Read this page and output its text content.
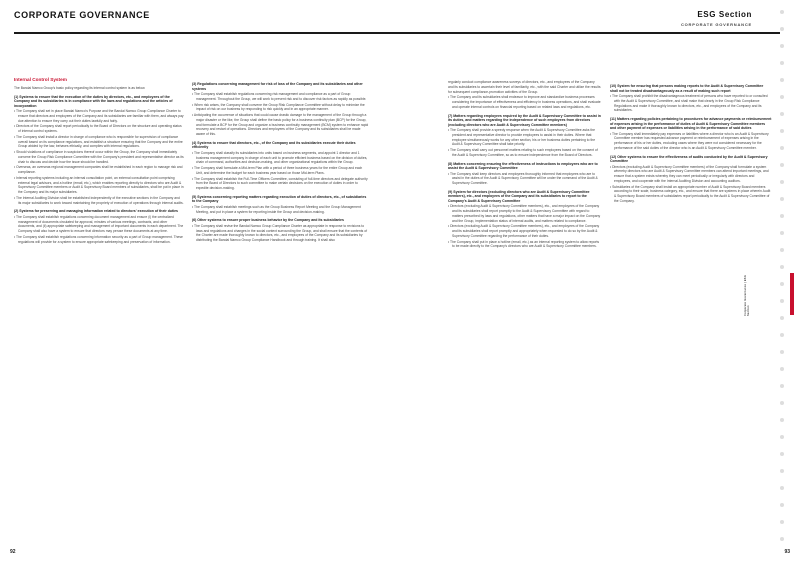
CORPORATE GOVERNANCE	ESG Section
CORPORATE GOVERNANCE
Corporate Governance | ESG Section
Internal Control System

The Bandai Namco Group's basic policy regarding its internal control system is as below.

(1) Systems to ensure that the execution of the duties by directors, etc., and employees of the Company and its subsidiaries is in compliance with the laws and regulations and the articles of incorporation

• The Company shall set in place Bandai Namco's Purpose and the Bandai Namco Group Compliance Charter to ensure that directors and employees of the Company and its subsidiaries are familiar with them, and always pay due attention to ensure they carry out their duties lawfully and fairly.

• Directors of the Company shall report periodically to the Board of Directors on the structure and operating status of internal control systems.

• The Company shall install a director in charge of compliance who is responsible for supervision of compliance overall based on its compliance regulations, and establish a structure ensuring that the Company and the entire Group abided by the law, behaves ethically, and complies with internal regulations.

• Should violations of compliance in suspicions thereof occur within the Group, the Company shall immediately convene the Group Risk Compliance Committee with the Company's president and representative director as its chair to discuss and decide how the issue should be handled.

• Overseas, an overseas regional management companies shall be established in each region to manage risk and compliance.

• Internal reporting systems including an internal consultation point, an external consultation point comprising external legal advisors, and a hotline (email, etc.), which enables reporting directly to directors who are Audit & Supervisory Committee members or Audit & Supervisory Board members of subsidiaries, shall be put in place in the Company and its major subsidiaries.

• The Internal Auditing Division shall be established independently of the executive sections in the Company and its major subsidiaries to work toward maintaining the propriety of execution of operations through internal audits.

(2) Systems for preserving and managing information related to directors' execution of their duties

• The Company shall establish regulations concerning document management and ensure (i) the centralized management of documents circulated for approval, minutes of various meetings, contracts, and other documents, and (ii) appropriate safekeeping and management of important documents in each department. The Company shall also have a system to ensure that directors may peruse these documents at any time.

• The Company shall establish regulations concerning information security as a part of Group management. These regulations will provide for a system to ensure appropriate safekeeping and preservation of information.

(3) Regulations concerning management for risk of loss of the Company and its subsidiaries and other systems

• The Company shall establish regulations concerning risk management and compliance as a part of Group management. Throughout the Group, we will work to prevent risk and to discover risk factors as rapidly as possible.

• When risk arises, the Company shall convene the Group Risk Compliance Committee without delay to minimize the impact of risk on our business by responding to risk quickly and in an appropriate manner.

• Anticipating the occurrence of situations that could cause drastic damage to the management of the Group through a major disaster or the like, the Group shall define the basic policy for a business continuity plan (BCP) for the Group, and formulate a BCP for the Group and organize a business continuity management (BCM) system to enhance rapid recovery and restart of operations. Directors and employees of the Company and its subsidiaries shall be made aware of this.

(4) Systems to ensure that directors, etc., of the Company and its subsidiaries execute their duties efficiently

• The Company shall classify its subsidiaries into units based on business segments, and appoint 1 director and 1 business management company in charge of each unit to promote efficient business based on the division of duties, chain of command, authorities and decision-making, and other organizational regulations within the Group.

• The Company shall formulate a Mid-term Plan with a period of three business years for the entire Group and each Unit, and determine the budget for each business year based on those Mid-term Plans.

• The Company shall establish the Full-Time Officers Committee, consisting of full-time directors and delegate authority from the Board of Directors to such committee to make certain decisions on the execution of duties in order to expedite decision-making.

(5) Systems concerning reporting matters regarding execution of duties of directors, etc., of subsidiaries to the Company

• The Company shall establish meetings such as the Group Business Report Meeting and the Group Management Meeting, and put in place a system for reporting inside the Group and decision-making.

(6) Other systems to ensure proper business behavior by the Company and its subsidiaries

• The Company shall revise the Bandai Namco Group Compliance Charter as appropriate in response to revisions to laws and regulations and changes in the social context surrounding the Group, and shall ensure that the contents of the Charter are made thoroughly known to directors, etc., and employees of the Company and its subsidiaries by distributing the Bandai Namco Group Compliance Handbook and through training. It shall also

regularly conduct compliance awareness surveys of directors, etc., and employees of the Company and its subsidiaries to ascertain their level of familiarity, etc., with the said Charter and utilize the results for subsequent compliance-promotion activities of the Group.

• The Company and its subsidiaries shall endeavor to improve and standardize business processes considering the importance of effectiveness and efficiency in business operations, and shall evaluate and operate internal controls on financial reporting based on related laws and regulations, etc.

(7) Matters regarding employees required by the Audit & Supervisory Committee to assist in its duties, and matters regarding the independence of such employees from directors (excluding directors who are Audit & Supervisory Committee members)

• The Company shall provide a speedy response when the Audit & Supervisory Committee asks the president and representative director to provide employees to assist in their duties. Where that employee simultaneously works for any other section, his or her business duties pertaining to the Audit & Supervisory Committee shall take priority.

• The Company shall carry out personnel matters relating to such employees based on the consent of the Audit & Supervisory Committee, so as to ensure independence from the Board of Directors.

(8) Matters concerning ensuring the effectiveness of instructions to employees who are to assist the Audit & Supervisory Committee

• The Company shall keep directors and employees thoroughly informed that employees who are to assist in the duties of the Audit & Supervisory Committee will be under the command of the Audit & Supervisory Committee.

(9) System for directors (excluding directors who are Audit & Supervisory Committee members), etc., and employees of the Company and its subsidiaries to report to the Company's Audit & Supervisory Committee

• Directors (excluding Audit & Supervisory Committee members), etc., and employees of the Company and its subsidiaries shall report promptly to the Audit & Supervisory Committee with regard to matters prescribed by laws and regulations, other matters that have a major impact on the Company and the Group, implementation status of internal audits, and matters related to compliance.

• Directors (excluding Audit & Supervisory Committee members), etc., and employees of the Company and its subsidiaries shall report promptly and appropriately when requested to do so by the Audit & Supervisory Committee regarding the performance of their duties.

• The Company shall put in place a hotline (email, etc.) as an internal reporting system to allow reports to be made directly to the Company's directors who are Audit & Supervisory Committee members.

(10) System for ensuring that persons making reports to the Audit & Supervisory Committee shall not be treated disadvantageously as a result of making such report

• The Company shall prohibit the disadvantageous treatment of persons who have reported to or consulted with the Audit & Supervisory Committee, and shall make that clearly in the Group Risk Compliance Regulations and make it thoroughly known to directors, etc., and employees of the Company and its subsidiaries.

(11) Matters regarding policies pertaining to procedures for advance payments or reimbursement of expenses arising in the performance of duties of Audit & Supervisory Committee members and other payment of expenses or liabilities arising in the performance of said duties

• The Company shall immediately pay expenses or liabilities where a director who is an Audit & Supervisory Committee member has requested advance payment or reimbursement of expenses arising in the performance of his or her duties, excluding cases where they were not considered necessary for the performance of the said duties of the director who is an Audit & Supervisory Committee member.

(12) Other systems to ensure the effectiveness of audits conducted by the Audit & Supervisory Committee

• Directors (excluding Audit & Supervisory Committee members) of the Company shall formulate a system whereby directors who are Audit & Supervisory Committee members can attend important meetings, and ensure that a system exists whereby they can meet periodically or irregularly with directors and employees, and cooperate with the Internal Auditing Division and accounting auditors.

• Subsidiaries of the Company shall install an appropriate number of Audit & Supervisory Board members according to their scale, business category, etc., and ensure that there are systems in place wherein Audit & Supervisory Board members of subsidiaries report periodically to the Audit & Supervisory Committee of the Company.

92	93
